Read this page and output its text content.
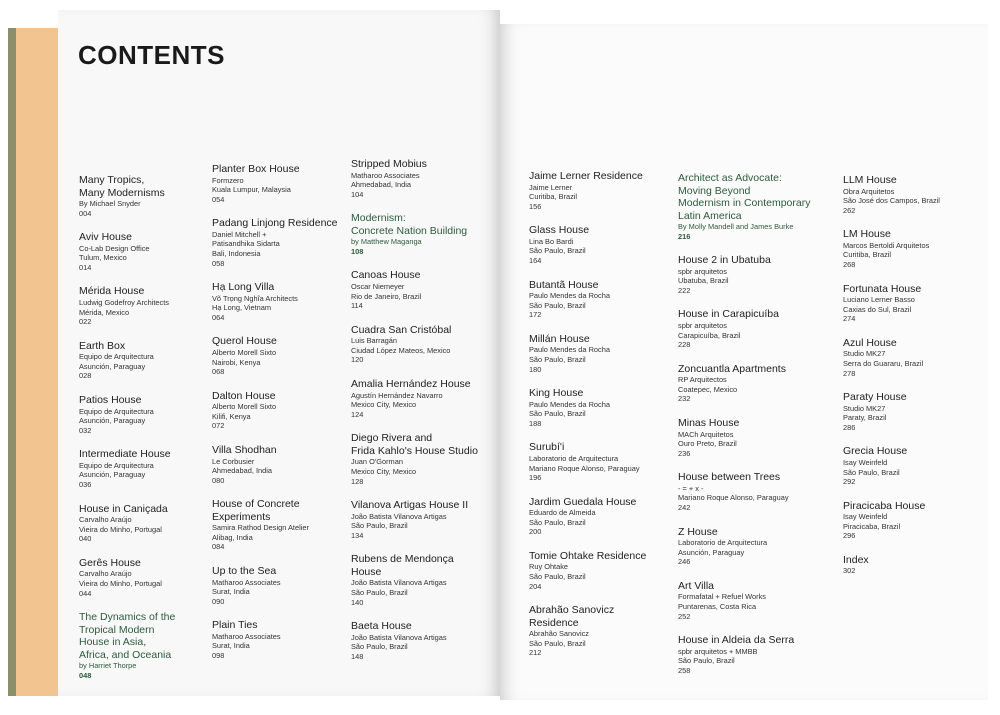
CONTENTS
Many Tropics,
Many Modernisms
By Michael Snyder
004
Aviv House
Co-Lab Design Office
Tulum, Mexico
014
Mérida House
Ludwig Godefroy Architects
Mérida, Mexico
022
Earth Box
Equipo de Arquitectura
Asunción, Paraguay
028
Patios House
Equipo de Arquitectura
Asunción, Paraguay
032
Intermediate House
Equipo de Arquitectura
Asunción, Paraguay
036
House in Caniçada
Carvalho Araújo
Vieira do Minho, Portugal
040
Gerês House
Carvalho Araújo
Vieira do Minho, Portugal
044
The Dynamics of the
Tropical Modern
House in Asia,
Africa, and Oceania
by Harriet Thorpe
048
Planter Box House
Formzero
Kuala Lumpur, Malaysia
054
Padang Linjong Residence
Daniel Mitchell +
Patisandhika Sidarta
Bali, Indonesia
058
Hạ Long Villa
Võ Trọng Nghĩa Architects
Hạ Long, Vietnam
064
Querol House
Alberto Morell Sixto
Nairobi, Kenya
068
Dalton House
Alberto Morell Sixto
Kilifi, Kenya
072
Villa Shodhan
Le Corbusier
Ahmedabad, India
080
House of Concrete
Experiments
Samira Rathod Design Atelier
Alibag, India
084
Up to the Sea
Matharoo Associates
Surat, India
090
Plain Ties
Matharoo Associates
Surat, India
098
Stripped Mobius
Matharoo Associates
Ahmedabad, India
104
Modernism:
Concrete Nation Building
by Matthew Maganga
108
Canoas House
Oscar Niemeyer
Rio de Janeiro, Brazil
114
Cuadra San Cristóbal
Luis Barragán
Ciudad López Mateos, Mexico
120
Amalia Hernández House
Agustín Hernández Navarro
Mexico City, Mexico
124
Diego Rivera and
Frida Kahlo's House Studio
Juan O'Gorman
Mexico City, Mexico
128
Vilanova Artigas House II
João Batista Vilanova Artigas
São Paulo, Brazil
134
Rubens de Mendonça
House
João Batista Vilanova Artigas
São Paulo, Brazil
140
Baeta House
João Batista Vilanova Artigas
São Paulo, Brazil
148
Jaime Lerner Residence
Jaime Lerner
Curitiba, Brazil
156
Glass House
Lina Bo Bardi
São Paulo, Brazil
164
Butantã House
Paulo Mendes da Rocha
São Paulo, Brazil
172
Millán House
Paulo Mendes da Rocha
São Paulo, Brazil
180
King House
Paulo Mendes da Rocha
São Paulo, Brazil
188
Surubí'i
Laboratorio de Arquitectura
Mariano Roque Alonso, Paraguay
196
Jardim Guedala House
Eduardo de Almeida
São Paulo, Brazil
200
Tomie Ohtake Residence
Ruy Ohtake
São Paulo, Brazil
204
Abrahão Sanovicz
Residence
Abrahão Sanovicz
São Paulo, Brazil
212
Architect as Advocate:
Moving Beyond
Modernism in Contemporary
Latin America
By Molly Mandell and James Burke
216
House 2 in Ubatuba
spbr arquitetos
Ubatuba, Brazil
222
House in Carapicuíba
spbr arquitetos
Carapicuíba, Brazil
228
Zoncuantla Apartments
RP Arquitectos
Coatepec, Mexico
232
Minas House
MACh Arquitetos
Ouro Preto, Brazil
236
House between Trees
- = + x -
Mariano Roque Alonso, Paraguay
242
Z House
Laboratorio de Arquitectura
Asunción, Paraguay
246
Art Villa
Formafatal + Refuel Works
Puntarenas, Costa Rica
252
House in Aldeia da Serra
spbr arquitetos + MMBB
São Paulo, Brazil
258
LLM House
Obra Arquitetos
São José dos Campos, Brazil
262
LM House
Marcos Bertoldi Arquitetos
Curitiba, Brazil
268
Fortunata House
Luciano Lerner Basso
Caxias do Sul, Brazil
274
Azul House
Studio MK27
Serra do Guararu, Brazil
278
Paraty House
Studio MK27
Paraty, Brazil
286
Grecia House
Isay Weinfeld
São Paulo, Brazil
292
Piracicaba House
Isay Weinfeld
Piracicaba, Brazil
296
Index
302
